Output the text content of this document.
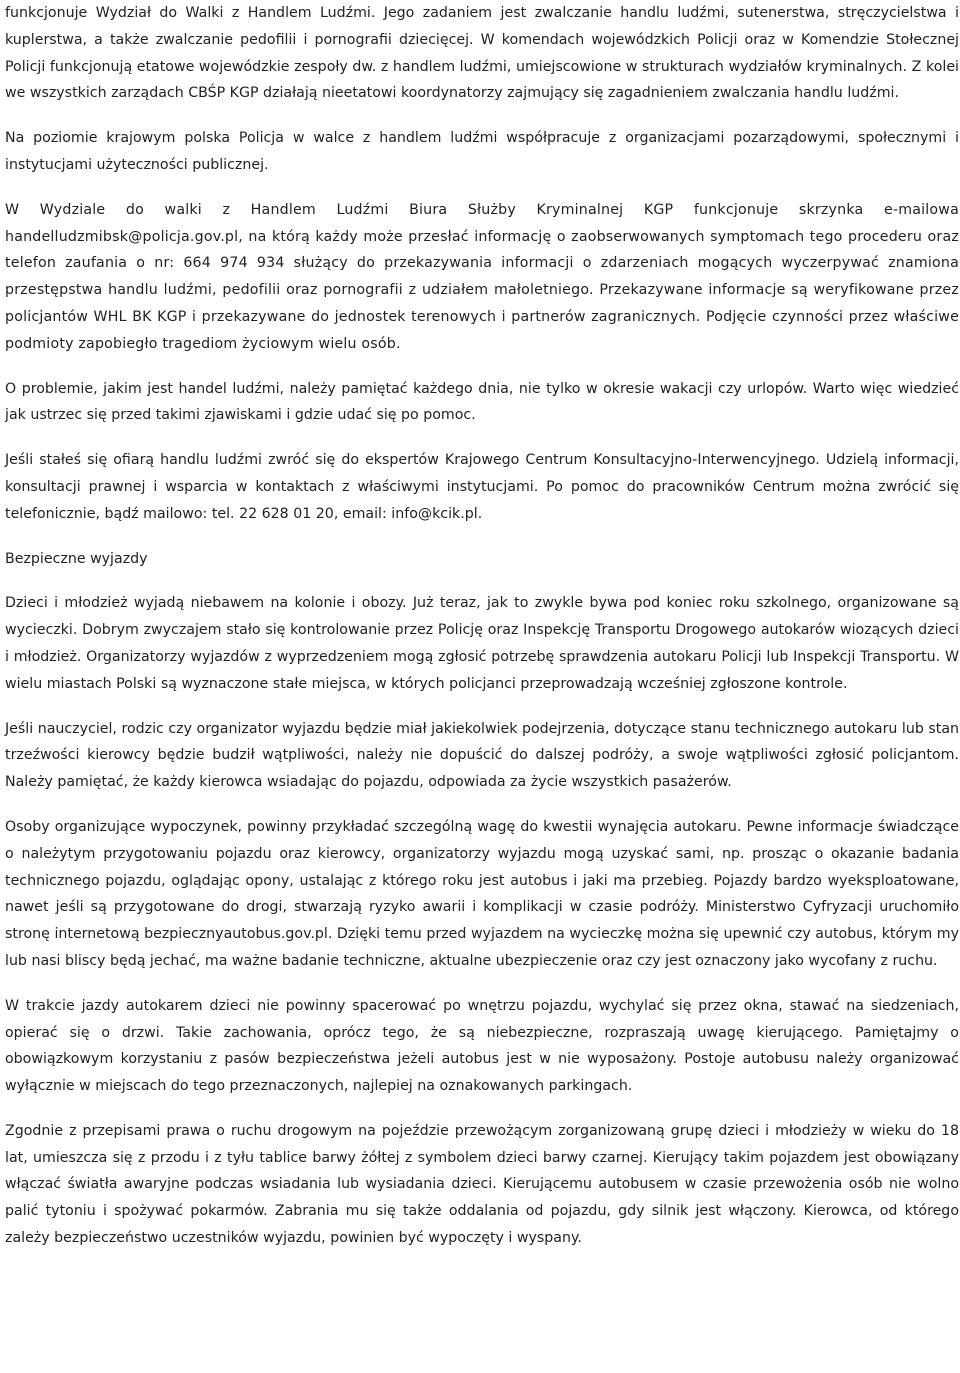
funkcjonuje Wydział do Walki z Handlem Ludźmi. Jego zadaniem jest zwalczanie handlu ludźmi, sutenerstwa, stręczycielstwa i kuplerstwa, a także zwalczanie pedofilii i pornografii dziecięcej. W komendach wojewódzkich Policji oraz w Komendzie Stołecznej Policji funkcjonują etatowe wojewódzkie zespoły dw. z handlem ludźmi, umiejscowione w strukturach wydziałów kryminalnych. Z kolei we wszystkich zarządach CBŚP KGP działają nieetatowi koordynatorzy zajmujący się zagadnieniem zwalczania handlu ludźmi.

Na poziomie krajowym polska Policja w walce z handlem ludźmi współpracuje z organizacjami pozarządowymi, społecznymi i instytucjami użyteczności publicznej.

W Wydziale do walki z Handlem Ludźmi Biura Służby Kryminalnej KGP funkcjonuje skrzynka e-mailowa handelludzmibsk@policja.gov.pl, na którą każdy może przesłać informację o zaobserwowanych symptomach tego procederu oraz telefon zaufania o nr: 664 974 934 służący do przekazywania informacji o zdarzeniach mogących wyczerpywać znamiona przestępstwa handlu ludźmi, pedofilii oraz pornografii z udziałem małoletniego. Przekazywane informacje są weryfikowane przez policjantów WHL BK KGP i przekazywane do jednostek terenowych i partnerów zagranicznych. Podjęcie czynności przez właściwe podmioty zapobiegło tragediom życiowym wielu osób.

O problemie, jakim jest handel ludźmi, należy pamiętać każdego dnia, nie tylko w okresie wakacji czy urlopów. Warto więc wiedzieć jak ustrzec się przed takimi zjawiskami i gdzie udać się po pomoc.

Jeśli stałeś się ofiarą handlu ludźmi zwróć się do ekspertów Krajowego Centrum Konsultacyjno-Interwencyjnego. Udzielą informacji, konsultacji prawnej i wsparcia w kontaktach z właściwymi instytucjami. Po pomoc do pracowników Centrum można zwrócić się telefonicznie, bądź mailowo: tel. 22 628 01 20, email: info@kcik.pl.

Bezpieczne wyjazdy

Dzieci i młodzież wyjadą niebawem na kolonie i obozy. Już teraz, jak to zwykle bywa pod koniec roku szkolnego, organizowane są wycieczki. Dobrym zwyczajem stało się kontrolowanie przez Policję oraz Inspekcję Transportu Drogowego autokarów wiozących dzieci i młodzież. Organizatorzy wyjazdów z wyprzedzeniem mogą zgłosić potrzebę sprawdzenia autokaru Policji lub Inspekcji Transportu. W wielu miastach Polski są wyznaczone stałe miejsca, w których policjanci przeprowadzają wcześniej zgłoszone kontrole.

Jeśli nauczyciel, rodzic czy organizator wyjazdu będzie miał jakiekolwiek podejrzenia, dotyczące stanu technicznego autokaru lub stan trzeźwości kierowcy będzie budził wątpliwości, należy nie dopuścić do dalszej podróży, a swoje wątpliwości zgłosić policjantom. Należy pamiętać, że każdy kierowca wsiadając do pojazdu, odpowiada za życie wszystkich pasażerów.

Osoby organizujące wypoczynek, powinny przykładać szczególną wagę do kwestii wynajęcia autokaru. Pewne informacje świadczące o należytym przygotowaniu pojazdu oraz kierowcy, organizatorzy wyjazdu mogą uzyskać sami, np. prosząc o okazanie badania technicznego pojazdu, oglądając opony, ustalając z którego roku jest autobus i jaki ma przebieg. Pojazdy bardzo wyeksploatowane, nawet jeśli są przygotowane do drogi, stwarzają ryzyko awarii i komplikacji w czasie podróży. Ministerstwo Cyfryzacji uruchomiło stronę internetową bezpiecznyautobus.gov.pl. Dzięki temu przed wyjazdem na wycieczkę można się upewnić czy autobus, którym my lub nasi bliscy będą jechać, ma ważne badanie techniczne, aktualne ubezpieczenie oraz czy jest oznaczony jako wycofany z ruchu.

W trakcie jazdy autokarem dzieci nie powinny spacerować po wnętrzu pojazdu, wychylać się przez okna, stawać na siedzeniach, opierać się o drzwi. Takie zachowania, oprócz tego, że są niebezpieczne, rozpraszają uwagę kierującego. Pamiętajmy o obowiązkowym korzystaniu z pasów bezpieczeństwa jeżeli autobus jest w nie wyposażony. Postoje autobusu należy organizować wyłącznie w miejscach do tego przeznaczonych, najlepiej na oznakowanych parkingach.

Zgodnie z przepisami prawa o ruchu drogowym na pojeździe przewożącym zorganizowaną grupę dzieci i młodzieży w wieku do 18 lat, umieszcza się z przodu i z tyłu tablice barwy żółtej z symbolem dzieci barwy czarnej. Kierujący takim pojazdem jest obowiązany włączać światła awaryjne podczas wsiadania lub wysiadania dzieci. Kierującemu autobusem w czasie przewożenia osób nie wolno palić tytoniu i spożywać pokarmów. Zabrania mu się także oddalania od pojazdu, gdy silnik jest włączony. Kierowca, od którego zależy bezpieczeństwo uczestników wyjazdu, powinien być wypoczęty i wyspany.
